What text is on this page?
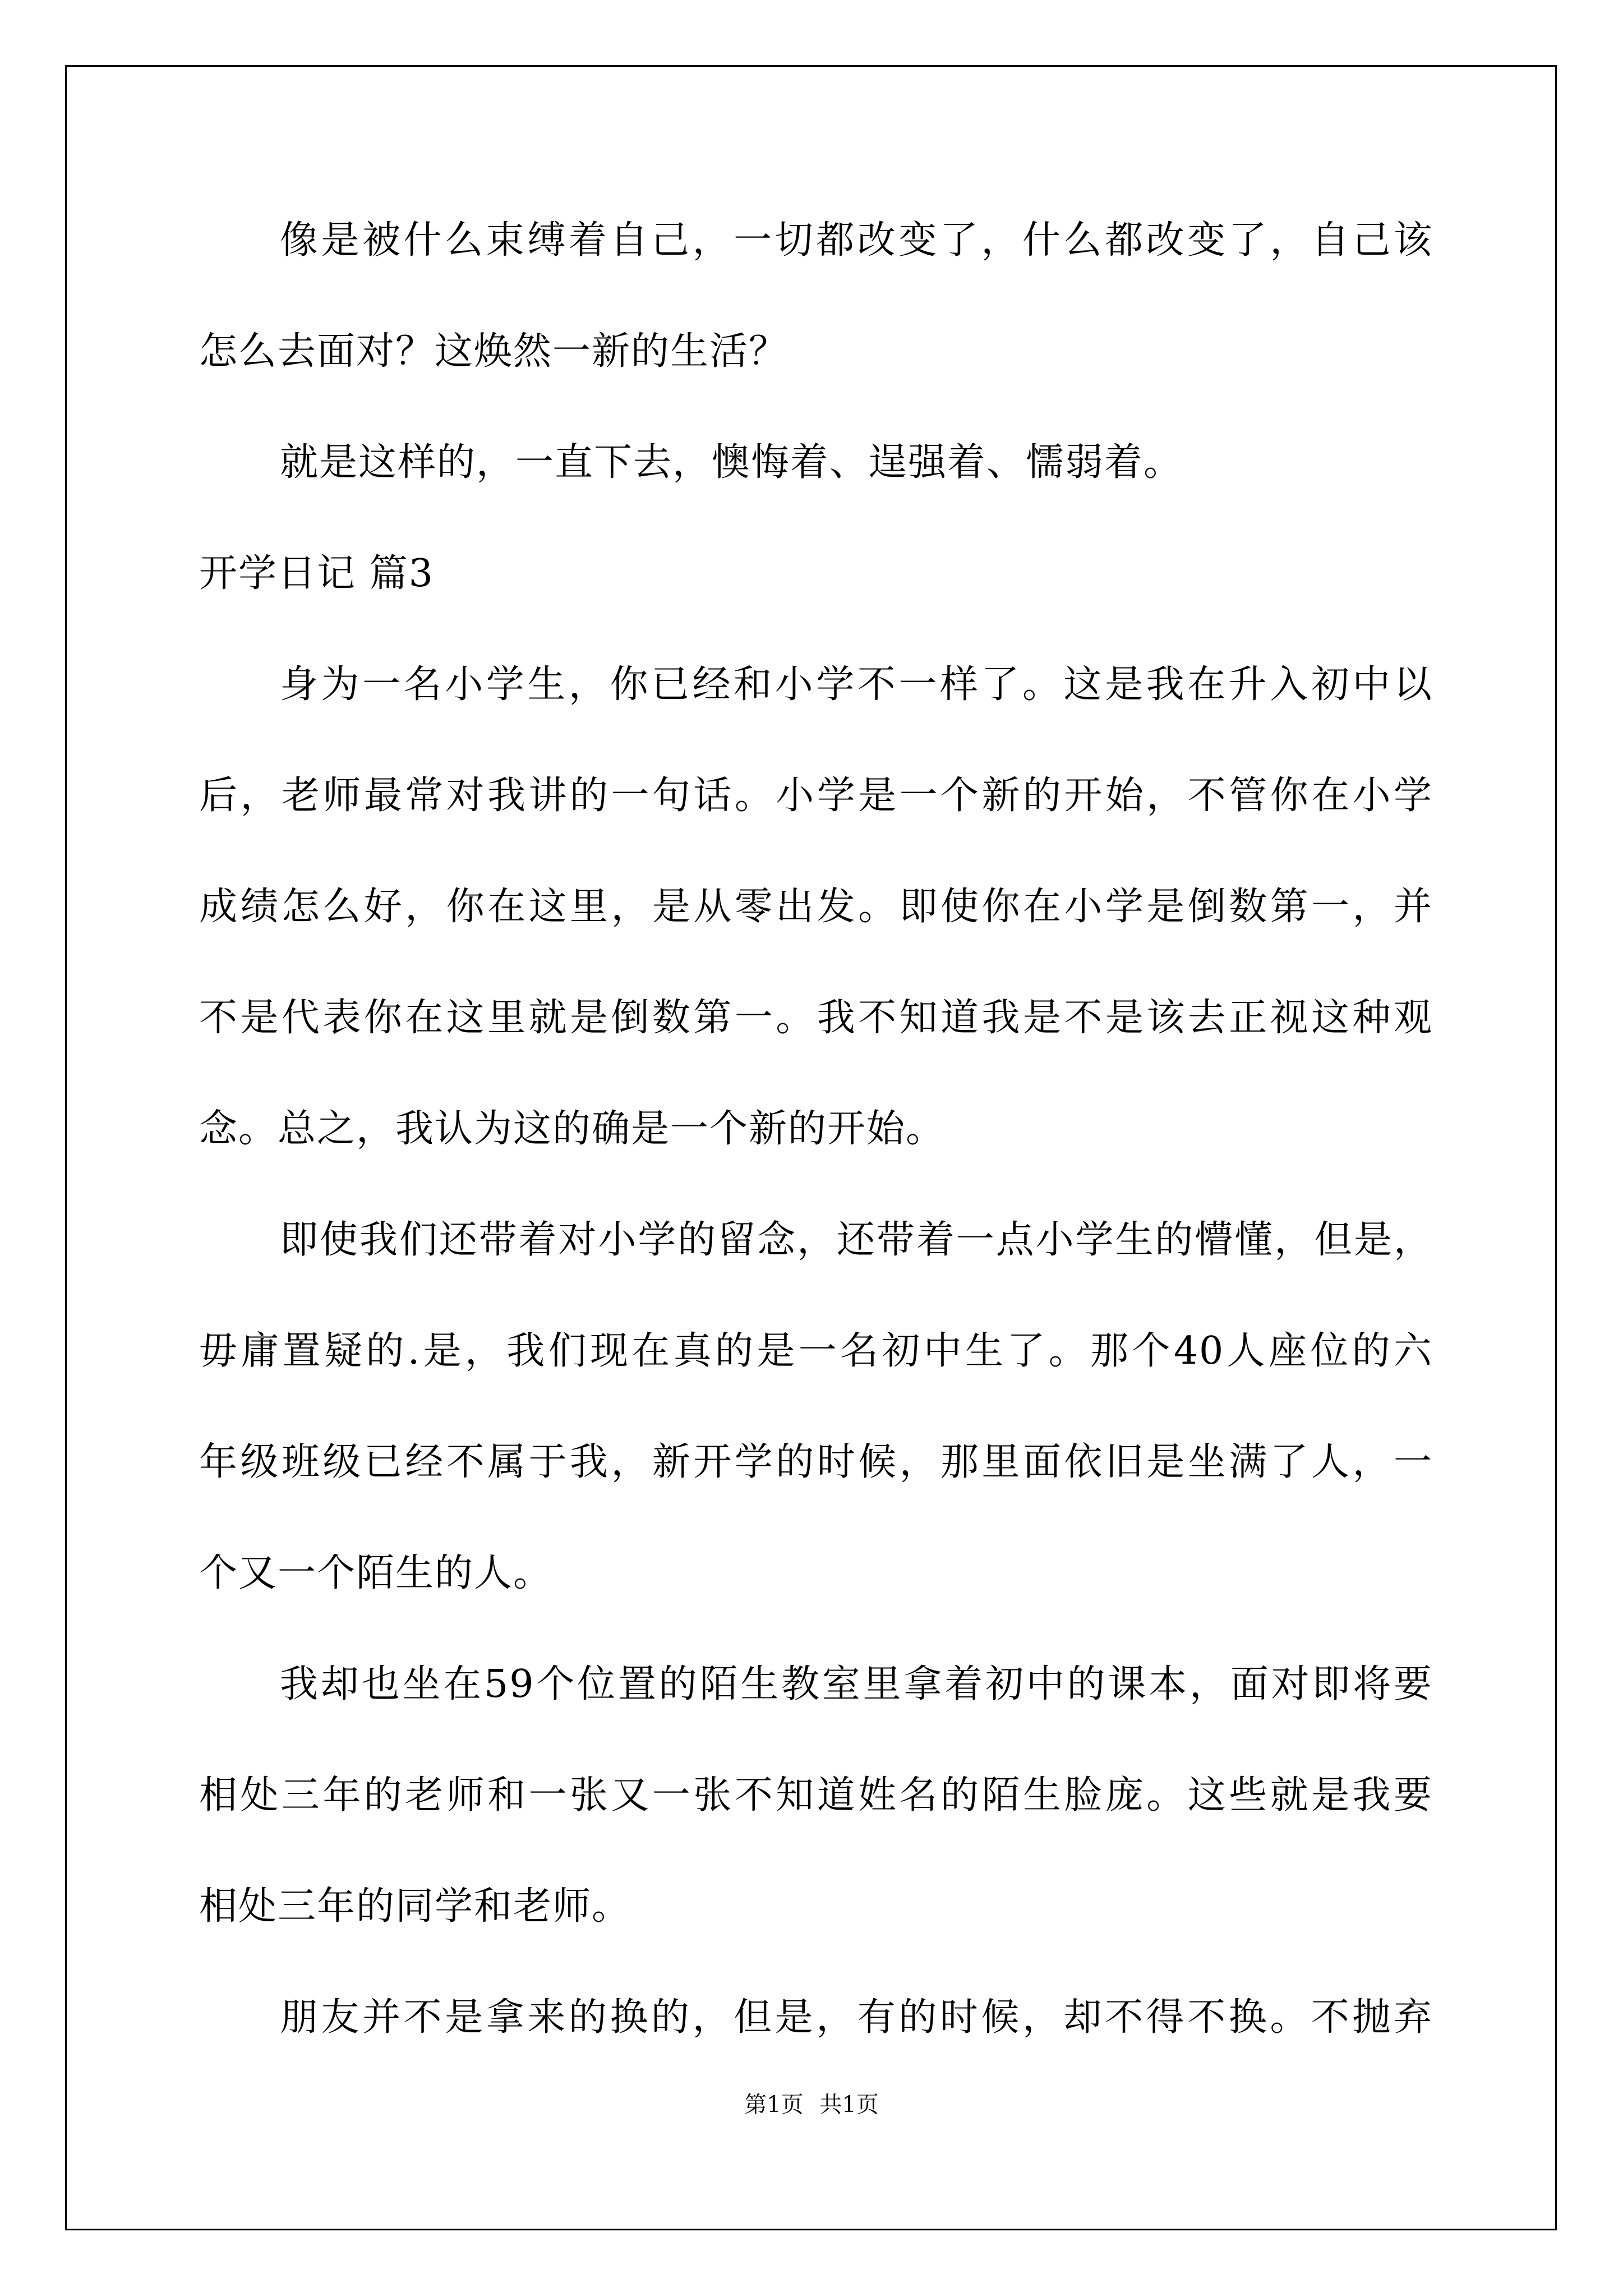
像是被什么束缚着自己，一切都改变了，什么都改变了，自己该
怎么去面对？这焕然一新的生活？
就是这样的，一直下去，懊悔着、逞强着、懦弱着。
开学日记 篇3
身为一名小学生，你已经和小学不一样了。这是我在升入初中以
后，老师最常对我讲的一句话。小学是一个新的开始，不管你在小学
成绩怎么好，你在这里，是从零出发。即使你在小学是倒数第一，并
不是代表你在这里就是倒数第一。我不知道我是不是该去正视这种观
念。总之，我认为这的确是一个新的开始。
即使我们还带着对小学的留念，还带着一点小学生的懵懂，但是，
毋庸置疑的.是，我们现在真的是一名初中生了。那个40人座位的六
年级班级已经不属于我，新开学的时候，那里面依旧是坐满了人，一
个又一个陌生的人。
我却也坐在59个位置的陌生教室里拿着初中的课本，面对即将要
相处三年的老师和一张又一张不知道姓名的陌生脸庞。这些就是我要
相处三年的同学和老师。
朋友并不是拿来的换的，但是，有的时候，却不得不换。不抛弃
第1页 共1页
